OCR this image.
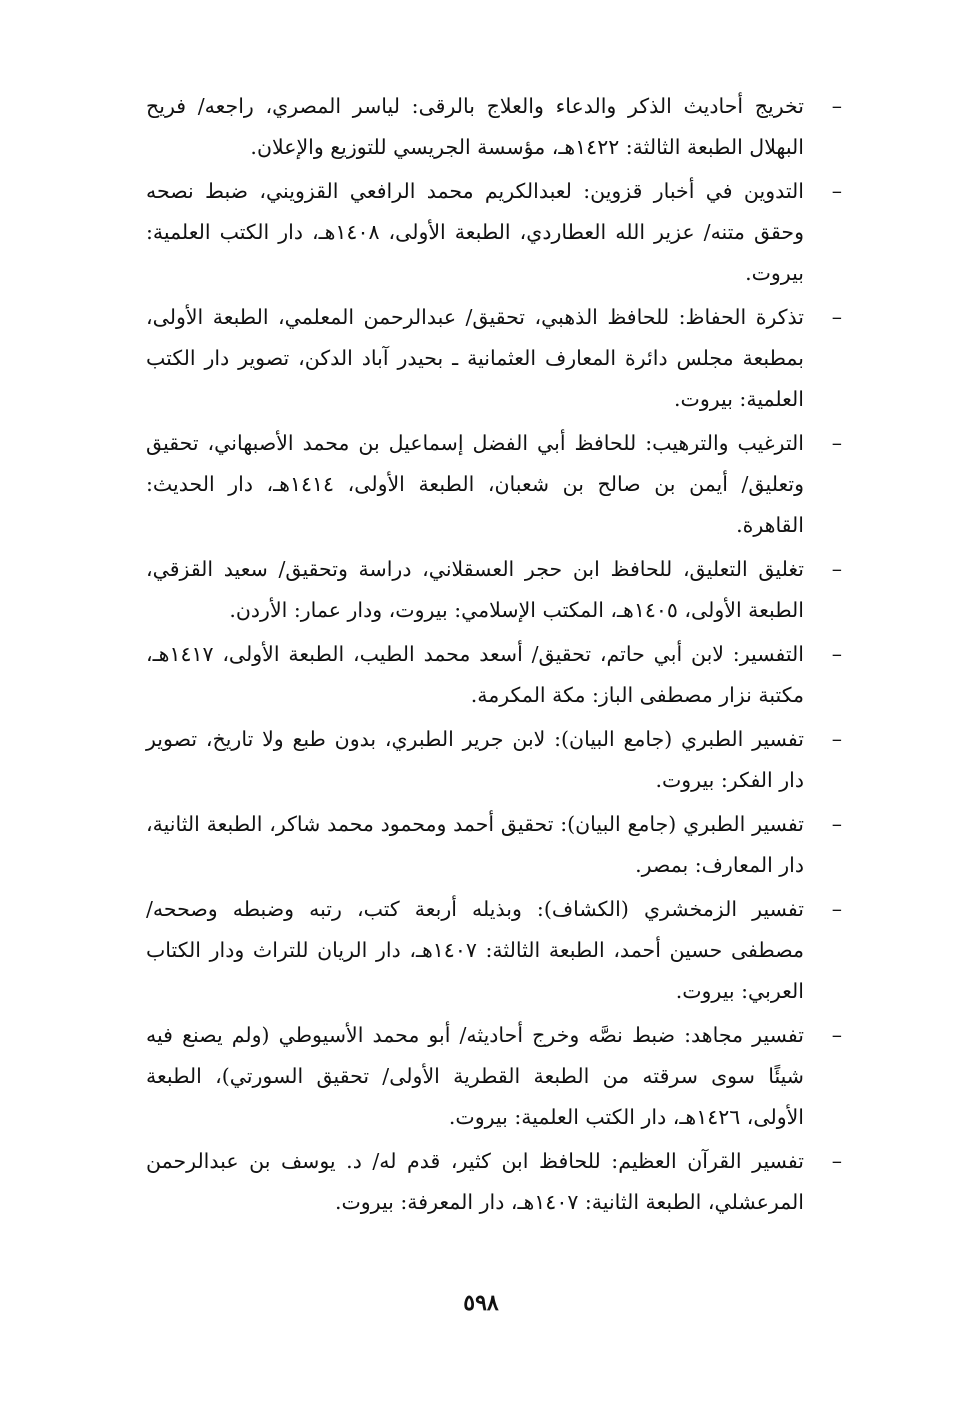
–
تخريج أحاديث الذكر والدعاء والعلاج بالرقى: لياسر المصري، راجعه/ فريح البهلال الطبعة الثالثة: ١٤٢٢هـ، مؤسسة الجريسي للتوزيع والإعلان.
–
التدوين في أخبار قزوين: لعبدالكريم محمد الرافعي القزويني، ضبط نصحه وحقق متنه/ عزير الله العطاردي، الطبعة الأولى، ١٤٠٨هـ، دار الكتب العلمية: بيروت.
–
تذكرة الحفاظ: للحافظ الذهبي، تحقيق/ عبدالرحمن المعلمي، الطبعة الأولى، بمطبعة مجلس دائرة المعارف العثمانية ـ بحيدر آباد الدكن، تصوير دار الكتب العلمية: بيروت.
–
الترغيب والترهيب: للحافظ أبي الفضل إسماعيل بن محمد الأصبهاني، تحقيق وتعليق/ أيمن بن صالح بن شعبان، الطبعة الأولى، ١٤١٤هـ، دار الحديث: القاهرة.
–
تغليق التعليق، للحافظ ابن حجر العسقلاني، دراسة وتحقيق/ سعيد القزقي، الطبعة الأولى، ١٤٠٥هـ، المكتب الإسلامي: بيروت، ودار عمار: الأردن.
–
التفسير: لابن أبي حاتم، تحقيق/ أسعد محمد الطيب، الطبعة الأولى، ١٤١٧هـ، مكتبة نزار مصطفى الباز: مكة المكرمة.
–
تفسير الطبري (جامع البيان): لابن جرير الطبري، بدون طبع ولا تاريخ، تصوير دار الفكر: بيروت.
–
تفسير الطبري (جامع البيان): تحقيق أحمد ومحمود محمد شاكر، الطبعة الثانية، دار المعارف: بمصر.
–
تفسير الزمخشري (الكشاف): وبذيله أربعة كتب، رتبه وضبطه وصححه/ مصطفى حسين أحمد، الطبعة الثالثة: ١٤٠٧هـ، دار الريان للتراث ودار الكتاب العربي: بيروت.
–
تفسير مجاهد: ضبط نصَّه وخرج أحاديثه/ أبو محمد الأسيوطي (ولم يصنع فيه شيئًا سوى سرقته من الطبعة القطرية الأولى/ تحقيق السورتي)، الطبعة الأولى، ١٤٢٦هـ، دار الكتب العلمية: بيروت.
–
تفسير القرآن العظيم: للحافظ ابن كثير، قدم له/ د. يوسف بن عبدالرحمن المرعشلي، الطبعة الثانية: ١٤٠٧هـ، دار المعرفة: بيروت.
٥٩٨
